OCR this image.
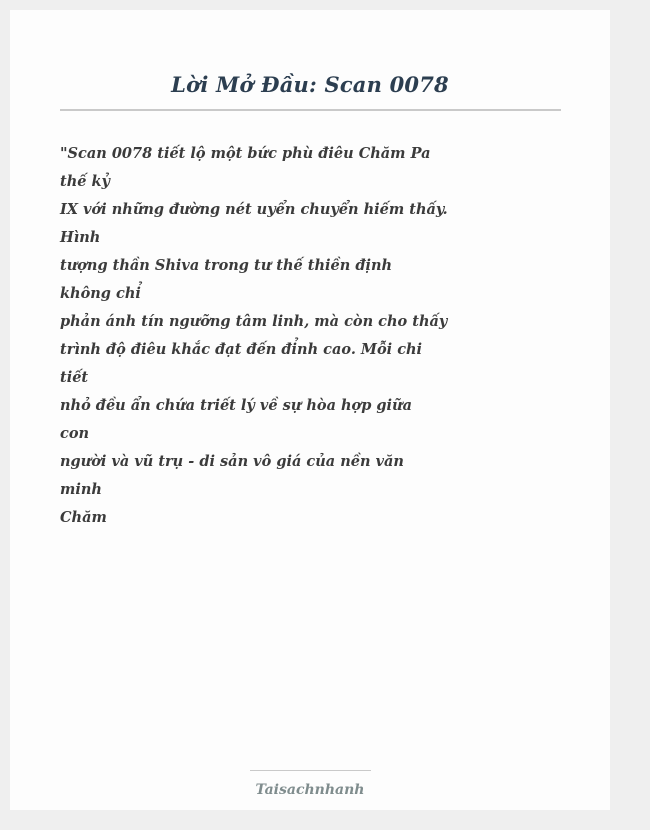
Lời Mở Đầu: Scan 0078
"Scan 0078 tiết lộ một bức phù điêu Chăm Pa
thế kỷ
IX với những đường nét uyển chuyển hiếm thấy.
Hình
tượng thần Shiva trong tư thế thiền định
không chỉ
phản ánh tín ngưỡng tâm linh, mà còn cho thấy
trình độ điêu khắc đạt đến đỉnh cao. Mỗi chi
tiết
nhỏ đều ẩn chứa triết lý về sự hòa hợp giữa
con
người và vũ trụ - di sản vô giá của nền văn
minh
Chăm
Taisachnhanh
